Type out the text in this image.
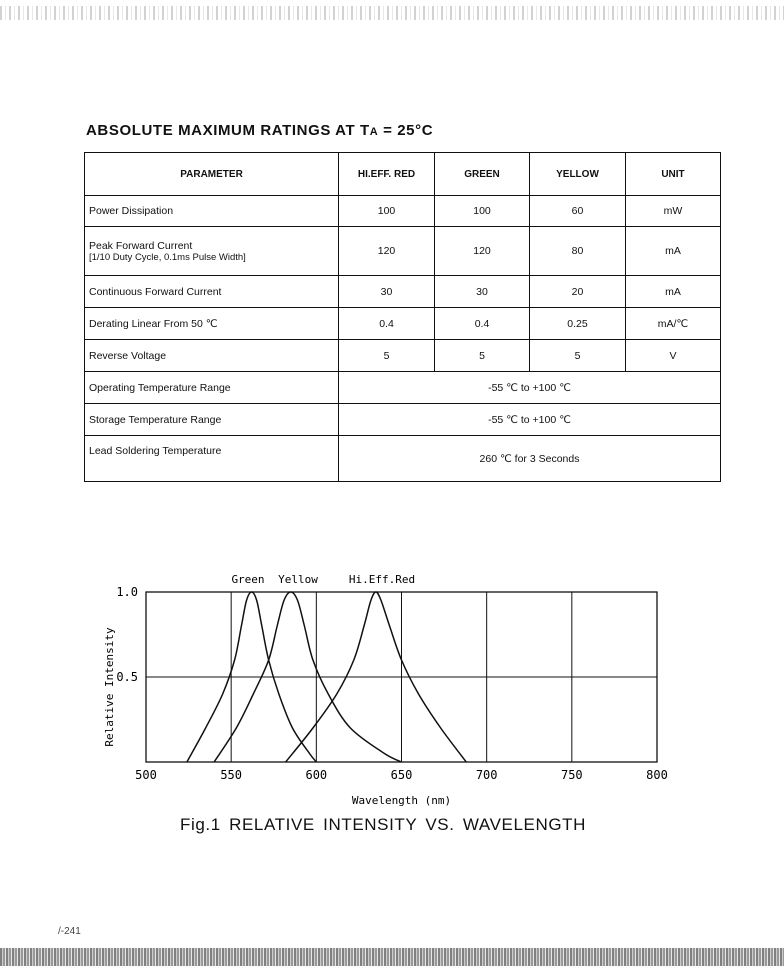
ABSOLUTE MAXIMUM RATINGS AT TA = 25°C
PARAMETER	HI.EFF. RED	GREEN	YELLOW	UNIT
Power Dissipation	100	100	60	mW

Peak Forward Current
[1/10 Duty Cycle, 0.1ms Pulse Width]	120	120	80	mA
Continuous Forward Current	30	30	20	mA
Derating Linear From 50 ℃	0.4	0.4	0.25	mA/℃
Reverse Voltage	5	5	5	V
Operating Temperature Range	-55 ℃ to +100 ℃			
Storage Temperature Range	-55 ℃ to +100 ℃			
Lead Soldering Temperature	260 ℃ for 3 Seconds			
500	550	600	650	700	750	800
0.5
1.0
Wavelength (nm)
Relative Intensity
Green Yellow	Hi.Eff.Red
Fig.1 RELATIVE INTENSITY VS. WAVELENGTH
/-241
